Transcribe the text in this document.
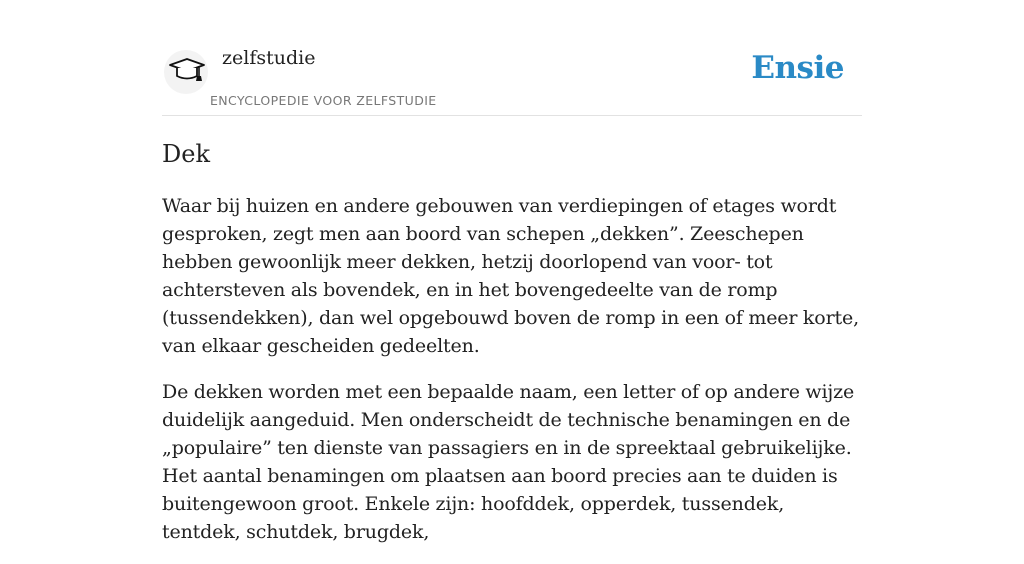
zelfstudie
ENCYCLOPEDIE VOOR ZELFSTUDIE
Ensie
Dek

Waar bij huizen en andere gebouwen van verdiepingen of etages wordt gesproken, zegt men aan boord van schepen „dekken”. Zeeschepen hebben gewoonlijk meer dekken, hetzij doorlopend van voor- tot achtersteven als bovendek, en in het bovengedeelte van de romp (tussendekken), dan wel opgebouwd boven de romp in een of meer korte, van elkaar gescheiden gedeelten.

De dekken worden met een bepaalde naam, een letter of op andere wijze duidelijk aangeduid. Men onderscheidt de technische benamingen en de „populaire” ten dienste van passagiers en in de spreektaal gebruikelijke. Het aantal benamingen om plaatsen aan boord precies aan te duiden is buitengewoon groot. Enkele zijn: hoofddek, opperdek, tussendek, tentdek, schutdek, brugdek,
